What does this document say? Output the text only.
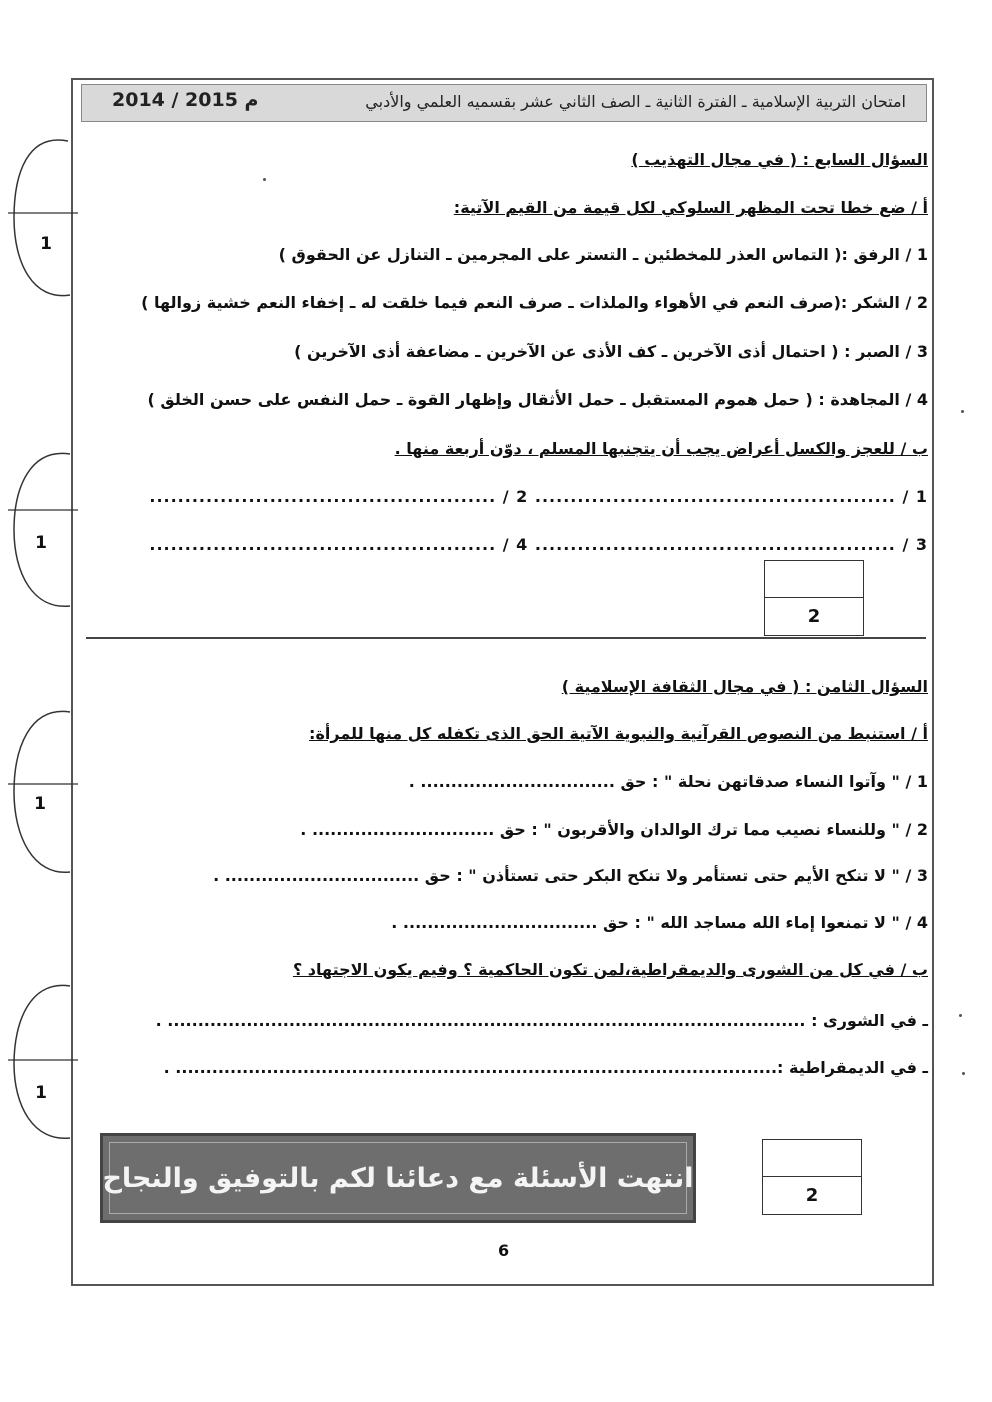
امتحان التربية الإسلامية ـ الفترة الثانية ـ الصف الثاني عشر بقسميه العلمي والأدبي
2014 / 2015 م
السؤال السابع : ( في مجال التهذيب )
أ / ضع خطا تحت المظهر السلوكي لكل قيمة من القيم الآتية:
1 / الرفق :( التماس العذر للمخطئين ـ التستر على المجرمين ـ التنازل عن الحقوق )
2 / الشكر :(صرف النعم في الأهواء والملذات ـ صرف النعم فيما خلقت له ـ إخفاء النعم خشية زوالها )
3 / الصبر : ( احتمال أذى الآخرين ـ كف الأذى عن الآخرين ـ مضاعفة أذى الآخرين )
4 / المجاهدة : ( حمل هموم المستقبل ـ حمل الأثقال وإظهار القوة ـ حمل النفس على حسن الخلق )
ب / للعجز والكسل أعراض يجب أن يتجنبها المسلم ، دوّن أربعة منها .
1 / ................................................... 2 / .................................................
3 / ................................................... 4 / .................................................
2
السؤال الثامن : ( في مجال الثقافة الإسلامية )
أ / استنبط من النصوص القرآنية والنبوية الآتية الحق الذى تكفله كل منها للمرأة:
1 / " وآتوا النساء صدقاتهن نحلة " : حق ................................ .
2 / " وللنساء نصيب مما ترك الوالدان والأقربون " : حق .............................. .
3 / " لا تنكح الأيم حتى تستأمر ولا تنكح البكر حتى تستأذن " : حق ................................ .
4 / " لا تمنعوا إماء الله مساجد الله " : حق ................................ .
ب / في كل من الشورى والديمقراطية،لمن تكون الحاكمية ؟ وفيم يكون الاجتهاد ؟
ـ في الشورى : ......................................................................................................... .
ـ في الديمقراطية :................................................................................................... .
2
انتهت الأسئلة مع دعائنا لكم بالتوفيق والنجاح
6
1
1
1
1
